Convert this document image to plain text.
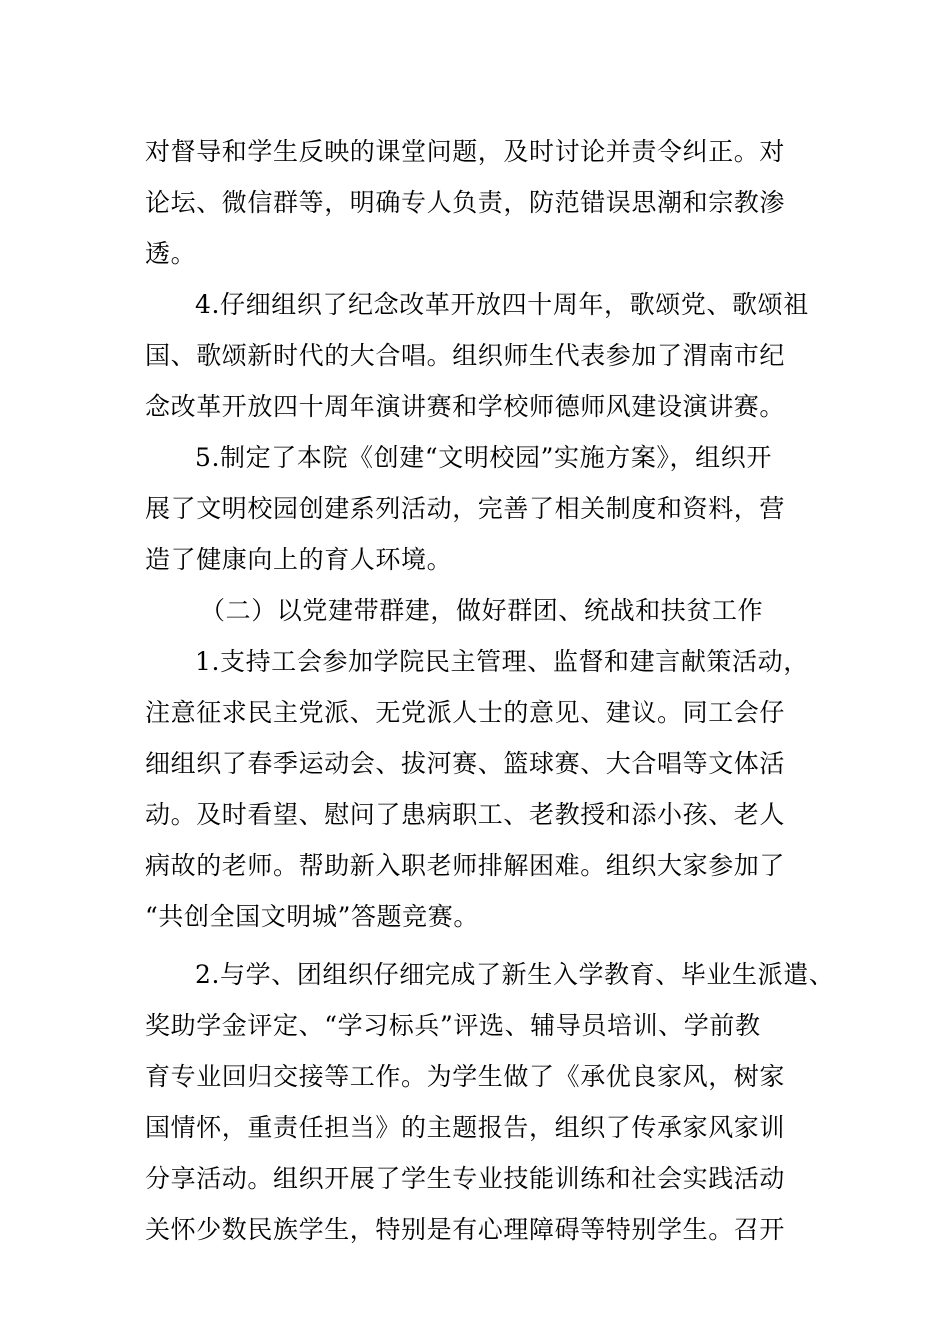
对督导和学生反映的课堂问题，及时讨论并责令纠正。对
论坛、微信群等，明确专人负责，防范错误思潮和宗教渗
透。
4.仔细组织了纪念改革开放四十周年，歌颂党、歌颂祖
国、歌颂新时代的大合唱。组织师生代表参加了渭南市纪
念改革开放四十周年演讲赛和学校师德师风建设演讲赛。
5.制定了本院《创建“文明校园”实施方案》，组织开
展了文明校园创建系列活动，完善了相关制度和资料，营
造了健康向上的育人环境。
（二）以党建带群建，做好群团、统战和扶贫工作
1.支持工会参加学院民主管理、监督和建言献策活动，
注意征求民主党派、无党派人士的意见、建议。同工会仔
细组织了春季运动会、拔河赛、篮球赛、大合唱等文体活
动。及时看望、慰问了患病职工、老教授和添小孩、老人
病故的老师。帮助新入职老师排解困难。组织大家参加了
“共创全国文明城”答题竞赛。
2.与学、团组织仔细完成了新生入学教育、毕业生派遣、
奖助学金评定、“学习标兵”评选、辅导员培训、学前教
育专业回归交接等工作。为学生做了《承优良家风，树家
国情怀，重责任担当》的主题报告，组织了传承家风家训
分享活动。组织开展了学生专业技能训练和社会实践活动
关怀少数民族学生，特别是有心理障碍等特别学生。召开
